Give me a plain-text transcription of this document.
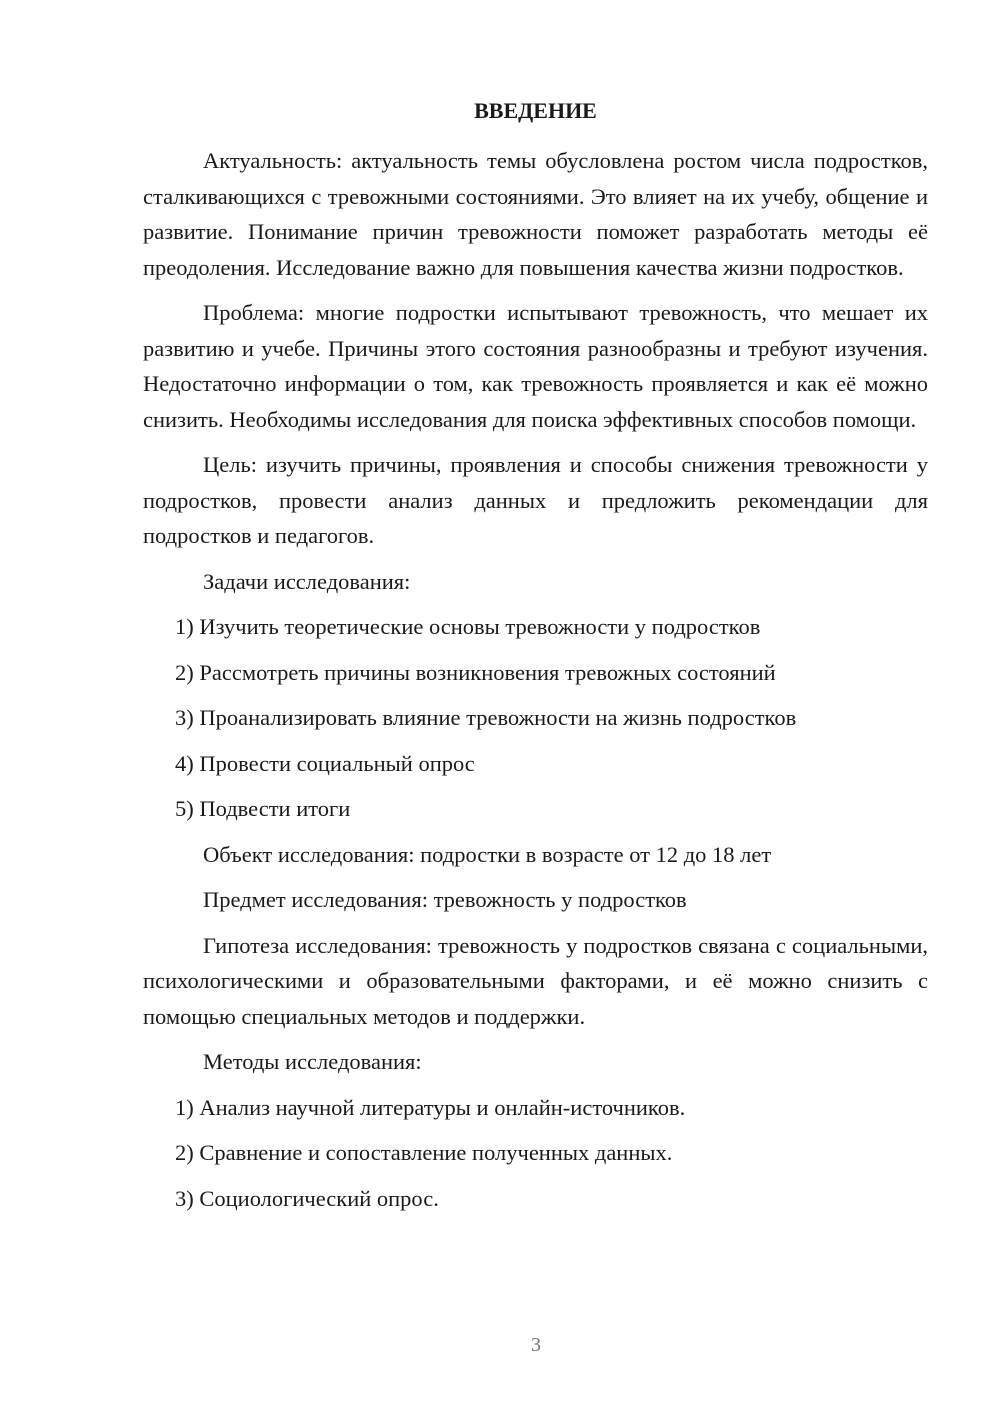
ВВЕДЕНИЕ

Актуальность: актуальность темы обусловлена ростом числа подростков, сталкивающихся с тревожными состояниями. Это влияет на их учебу, общение и развитие. Понимание причин тревожности поможет разработать методы её преодоления. Исследование важно для повышения качества жизни подростков.

Проблема: многие подростки испытывают тревожность, что мешает их развитию и учебе. Причины этого состояния разнообразны и требуют изучения. Недостаточно информации о том, как тревожность проявляется и как её можно снизить. Необходимы исследования для поиска эффективных способов помощи.

Цель: изучить причины, проявления и способы снижения тревожности у подростков, провести анализ данных и предложить рекомендации для подростков и педагогов.

Задачи исследования:

1) Изучить теоретические основы тревожности у подростков

2) Рассмотреть причины возникновения тревожных состояний

3) Проанализировать влияние тревожности на жизнь подростков

4) Провести социальный опрос

5) Подвести итоги

Объект исследования: подростки в возрасте от 12 до 18 лет

Предмет исследования: тревожность у подростков

Гипотеза исследования: тревожность у подростков связана с социальными, психологическими и образовательными факторами, и её можно снизить с помощью специальных методов и поддержки.

Методы исследования:

1) Анализ научной литературы и онлайн-источников.

2) Сравнение и сопоставление полученных данных.

3) Социологический опрос.

3
